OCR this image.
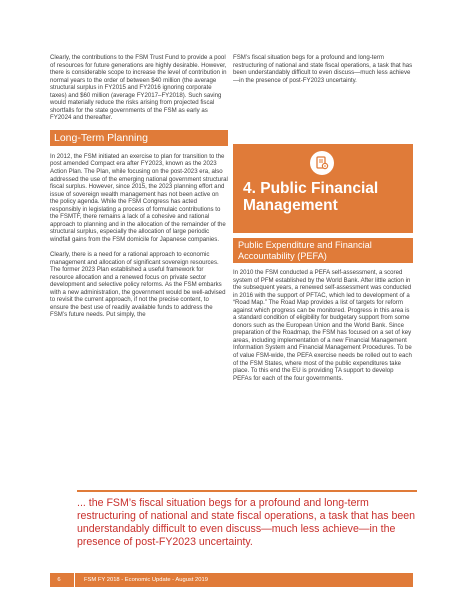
Clearly, the contributions to the FSM Trust Fund to provide a pool of resources for future generations are highly desirable. However, there is considerable scope to increase the level of contribution in normal years to the order of between $40 million (the average structural surplus in FY2015 and FY2016 ignoring corporate taxes) and $60 million (average FY2017–FY2018). Such saving would materially reduce the risks arising from projected fiscal shortfalls for the state governments of the FSM as early as FY2024 and thereafter.

Long-Term Planning

In 2012, the FSM initiated an exercise to plan for transition to the post amended Compact era after FY2023, known as the 2023 Action Plan. The Plan, while focusing on the post-2023 era, also addressed the use of the emerging national government structural fiscal surplus. However, since 2015, the 2023 planning effort and issue of sovereign wealth management has not been active on the policy agenda. While the FSM Congress has acted responsibly in legislating a process of formulaic contributions to the FSMTF, there remains a lack of a cohesive and rational approach to planning and in the allocation of the remainder of the structural surplus, especially the allocation of large periodic windfall gains from the FSM domicile for Japanese companies.

Clearly, there is a need for a rational approach to economic management and allocation of significant sovereign resources. The former 2023 Plan established a useful framework for resource allocation and a renewed focus on private sector development and selective policy reforms. As the FSM embarks with a new administration, the government would be well-advised to revisit the current approach, if not the precise content, to ensure the best use of readily available funds to address the FSM’s future needs. Put simply, the

FSM’s fiscal situation begs for a profound and long-term restructuring of national and state fiscal operations, a task that has been understandably difficult to even discuss—much less achieve—in the presence of post-FY2023 uncertainty.

4. Public Financial Management
Public Expenditure and Financial Accountability (PEFA)

In 2010 the FSM conducted a PEFA self-assessment, a scored system of PFM established by the World Bank. After little action in the subsequent years, a renewed self-assessment was conducted in 2016 with the support of PFTAC, which led to development of a “Road Map.” The Road Map provides a list of targets for reform against which progress can be monitored. Progress in this area is a standard condition of eligibility for budgetary support from some donors such as the European Union and the World Bank. Since preparation of the Roadmap, the FSM has focused on a set of key areas, including implementation of a new Financial Management Information System and Financial Management Procedures. To be of value FSM-wide, the PEFA exercise needs be rolled out to each of the FSM States, where most of the public expenditures take place. To this end the EU is providing TA support to develop PEFAs for each of the four governments.

... the FSM’s fiscal situation begs for a profound and long-term restructuring of national and state fiscal operations, a task that has been understandably difficult to even discuss—much less achieve—in the presence of post-FY2023 uncertainty.
6	FSM FY 2018 - Economic Update - August 2019
